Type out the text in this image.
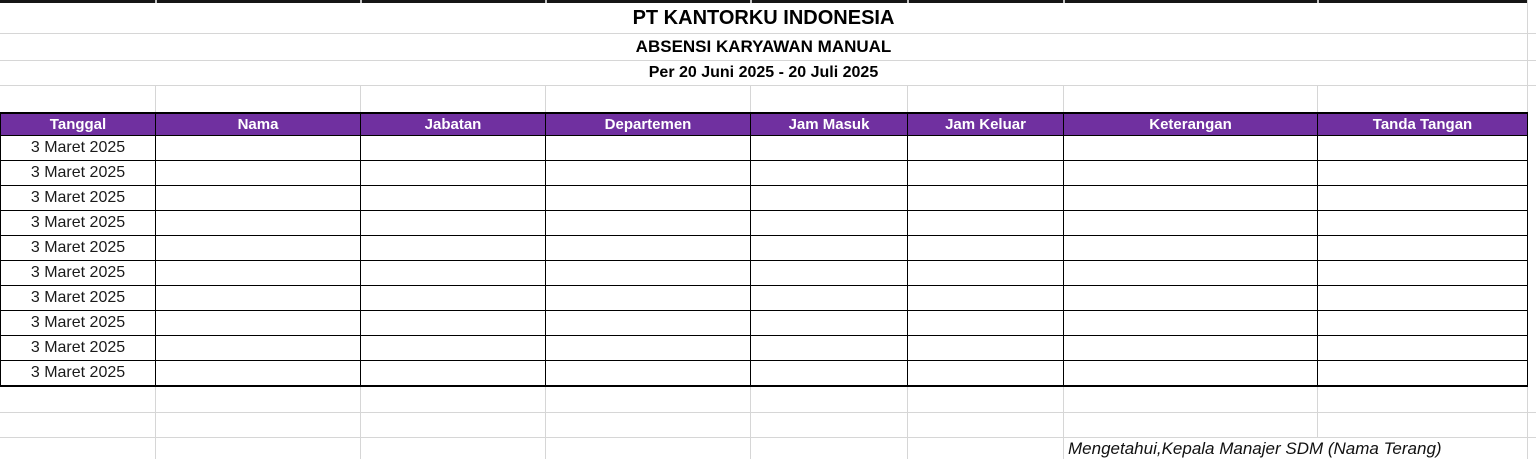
PT KANTORKU INDONESIA
ABSENSI KARYAWAN MANUAL
Per 20 Juni 2025 - 20 Juli 2025
Tanggal	Nama	Jabatan	Departemen	Jam Masuk	Jam Keluar	Keterangan	Tanda Tangan
3 Maret 2025
3 Maret 2025
3 Maret 2025
3 Maret 2025
3 Maret 2025
3 Maret 2025
3 Maret 2025
3 Maret 2025
3 Maret 2025
3 Maret 2025
Mengetahui,Kepala Manajer SDM (Nama Terang)
